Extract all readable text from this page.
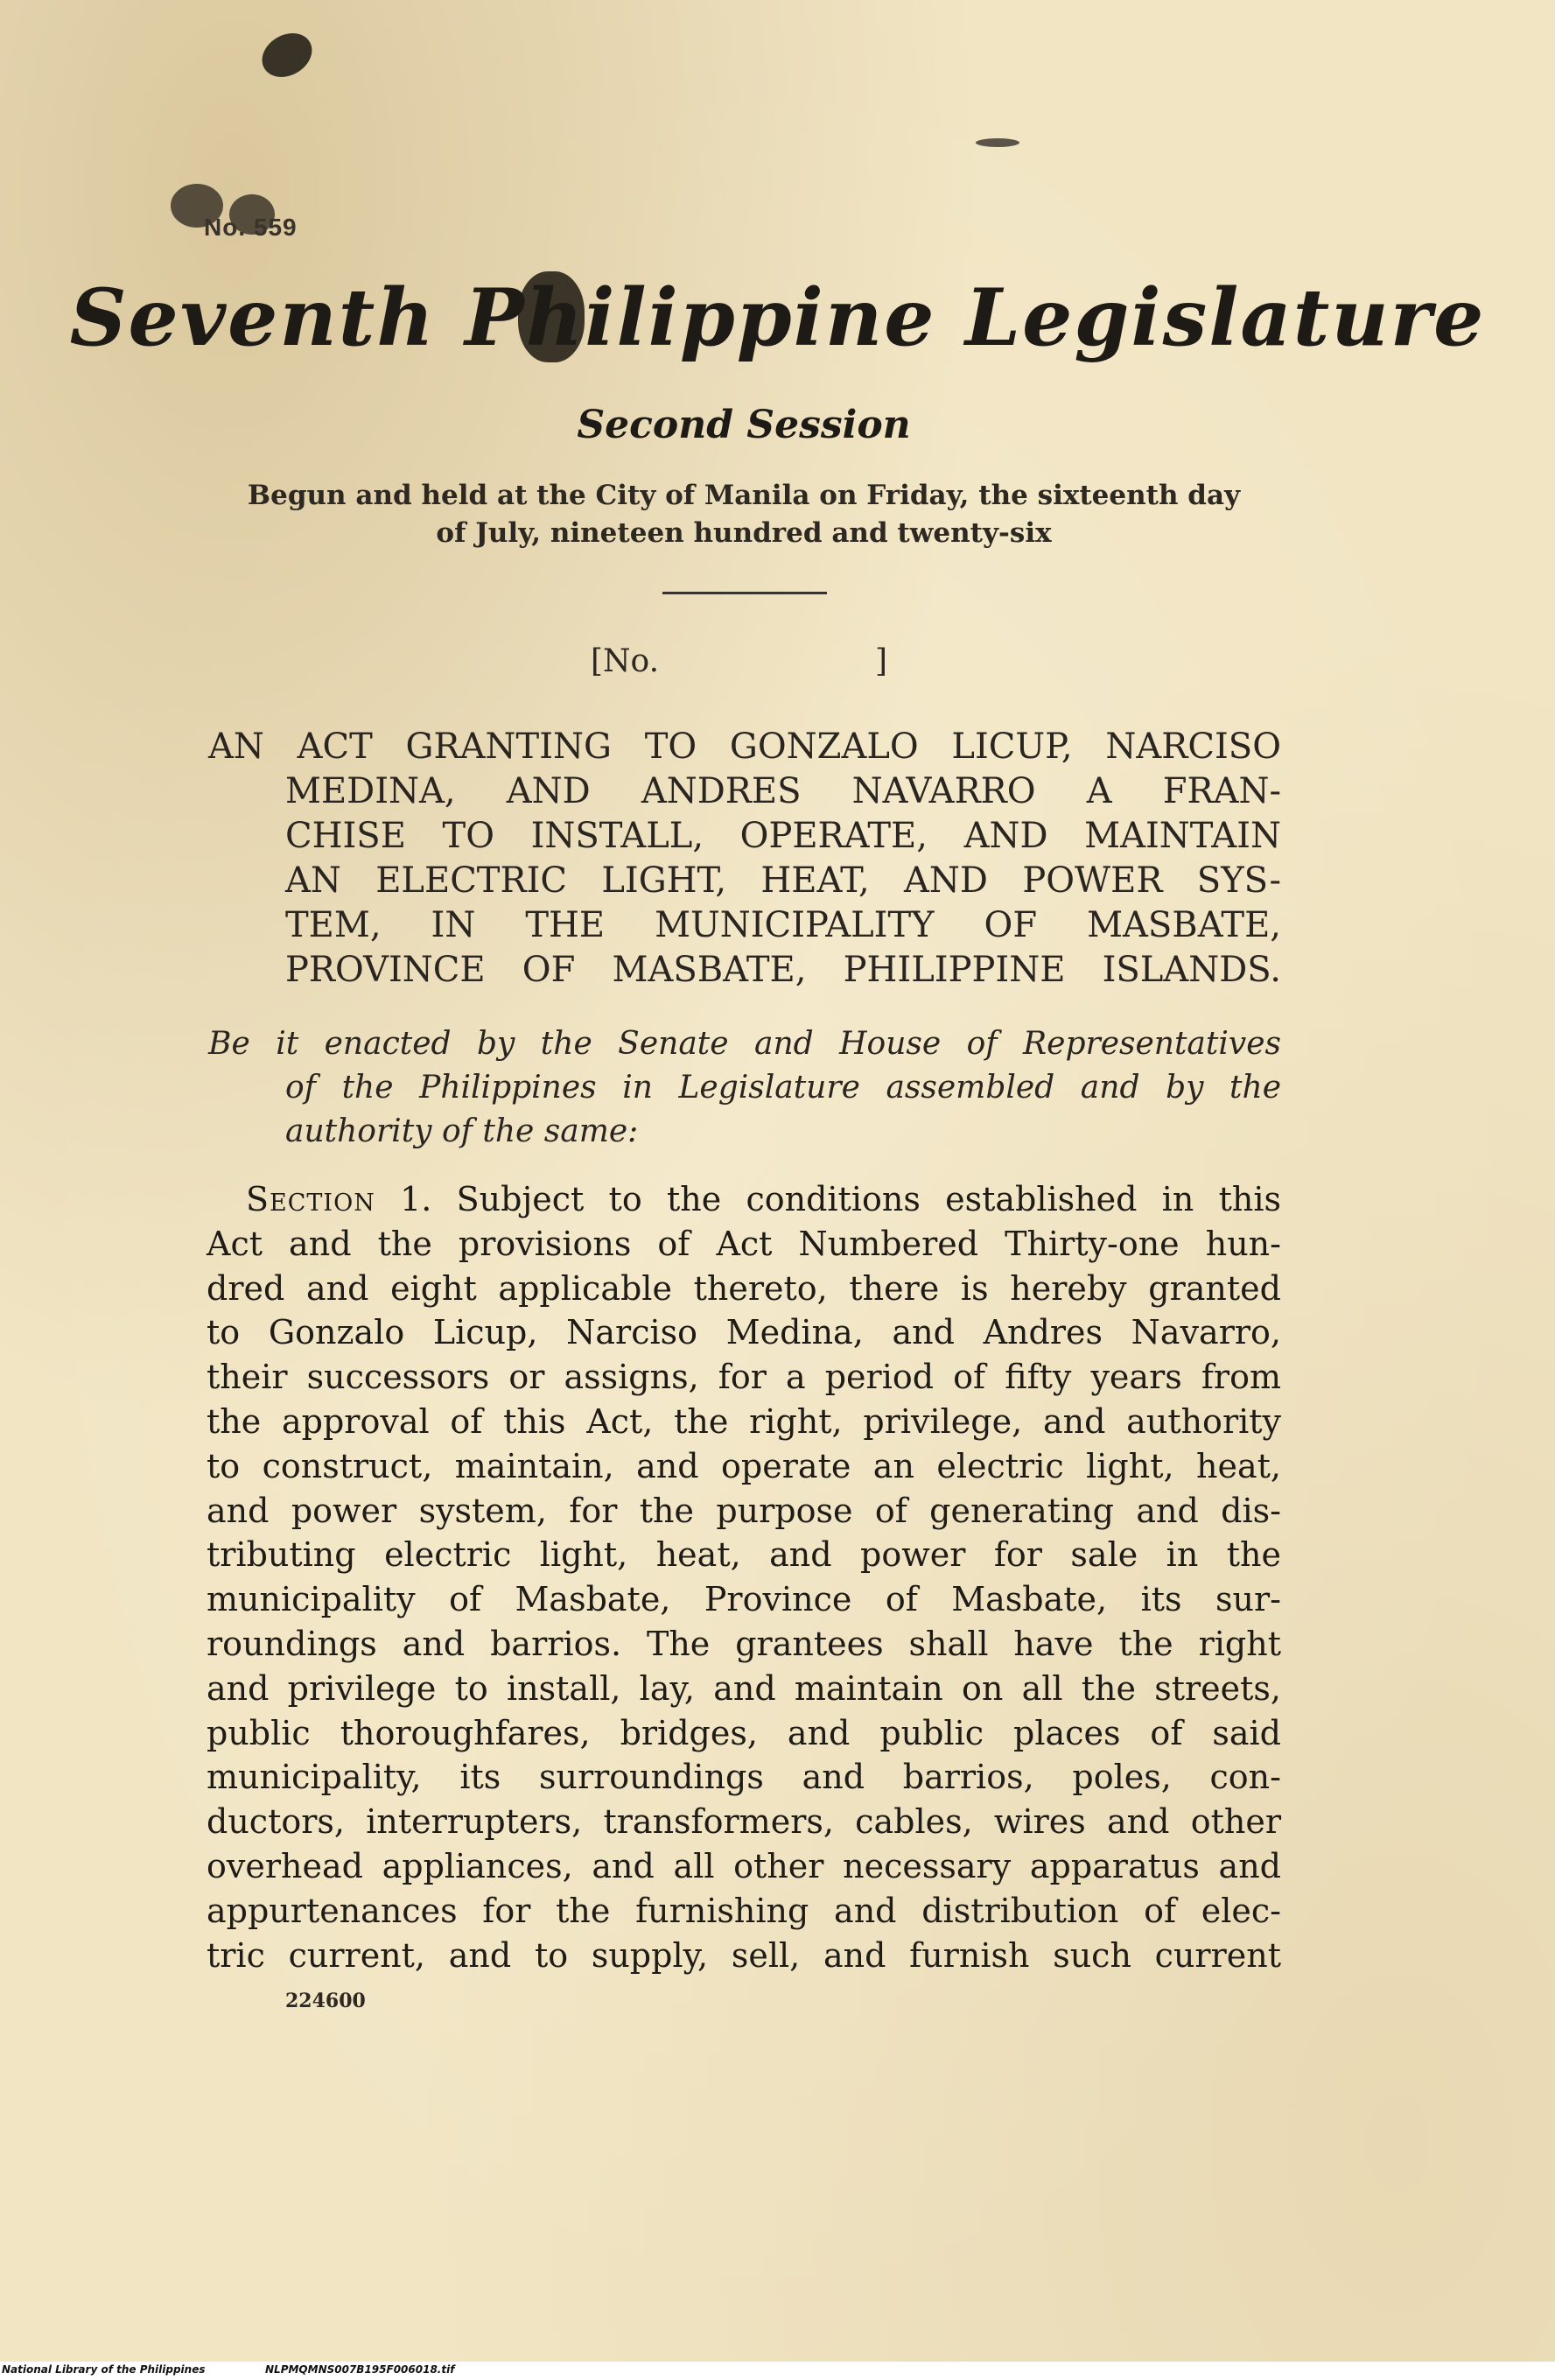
No. 559
Seventh Philippine Legislature
Second Session
Begun and held at the City of Manila on Friday, the sixteenth day
of July, nineteen hundred and twenty-six
[No.	]
AN ACT GRANTING TO GONZALO LICUP, NARCISO
MEDINA, AND ANDRES NAVARRO A FRAN-
CHISE TO INSTALL, OPERATE, AND MAINTAIN
AN ELECTRIC LIGHT, HEAT, AND POWER SYS-
TEM, IN THE MUNICIPALITY OF MASBATE,
PROVINCE OF MASBATE, PHILIPPINE ISLANDS.
Be it enacted by the Senate and House of Representatives
of the Philippines in Legislature assembled and by the
authority of the same:
Section 1. Subject to the conditions established in this
Act and the provisions of Act Numbered Thirty-one hun-
dred and eight applicable thereto, there is hereby granted
to Gonzalo Licup, Narciso Medina, and Andres Navarro,
their successors or assigns, for a period of fifty years from
the approval of this Act, the right, privilege, and authority
to construct, maintain, and operate an electric light, heat,
and power system, for the purpose of generating and dis-
tributing electric light, heat, and power for sale in the
municipality of Masbate, Province of Masbate, its sur-
roundings and barrios. The grantees shall have the right
and privilege to install, lay, and maintain on all the streets,
public thoroughfares, bridges, and public places of said
municipality, its surroundings and barrios, poles, con-
ductors, interrupters, transformers, cables, wires and other
overhead appliances, and all other necessary apparatus and
appurtenances for the furnishing and distribution of elec-
tric current, and to supply, sell, and furnish such current
224600
National Library of the Philippines	NLPMQMNS007B195F006018.tif
